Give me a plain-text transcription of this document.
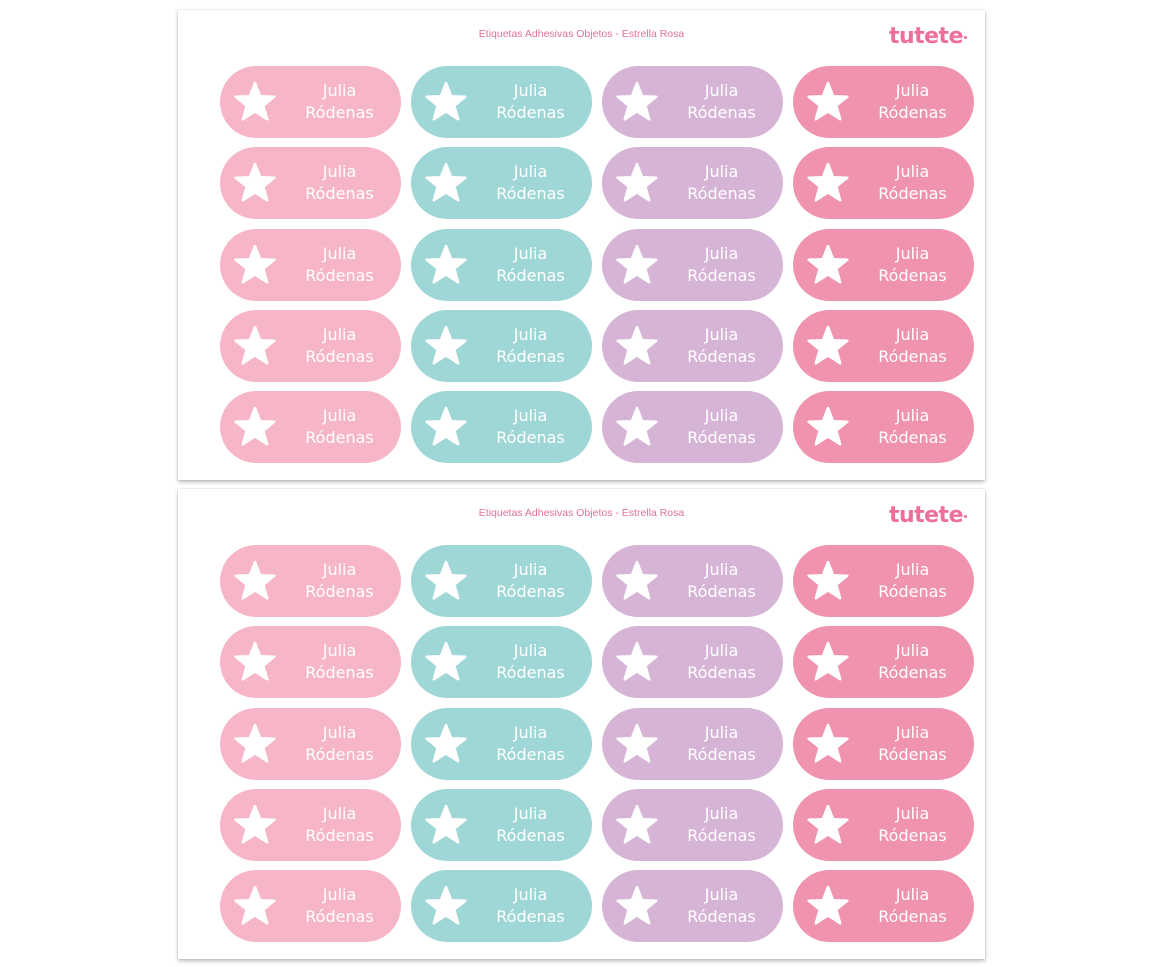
Etiquetas Adhesivas Objetos - Estrella Rosa	tutete
Julia
Ródenas
Julia
Ródenas
Julia
Ródenas
Julia
Ródenas
Julia
Ródenas
Julia
Ródenas
Julia
Ródenas
Julia
Ródenas
Julia
Ródenas
Julia
Ródenas
Julia
Ródenas
Julia
Ródenas
Julia
Ródenas
Julia
Ródenas
Julia
Ródenas
Julia
Ródenas
Julia
Ródenas
Julia
Ródenas
Julia
Ródenas
Julia
Ródenas
Etiquetas Adhesivas Objetos - Estrella Rosa	tutete
Julia
Ródenas
Julia
Ródenas
Julia
Ródenas
Julia
Ródenas
Julia
Ródenas
Julia
Ródenas
Julia
Ródenas
Julia
Ródenas
Julia
Ródenas
Julia
Ródenas
Julia
Ródenas
Julia
Ródenas
Julia
Ródenas
Julia
Ródenas
Julia
Ródenas
Julia
Ródenas
Julia
Ródenas
Julia
Ródenas
Julia
Ródenas
Julia
Ródenas
